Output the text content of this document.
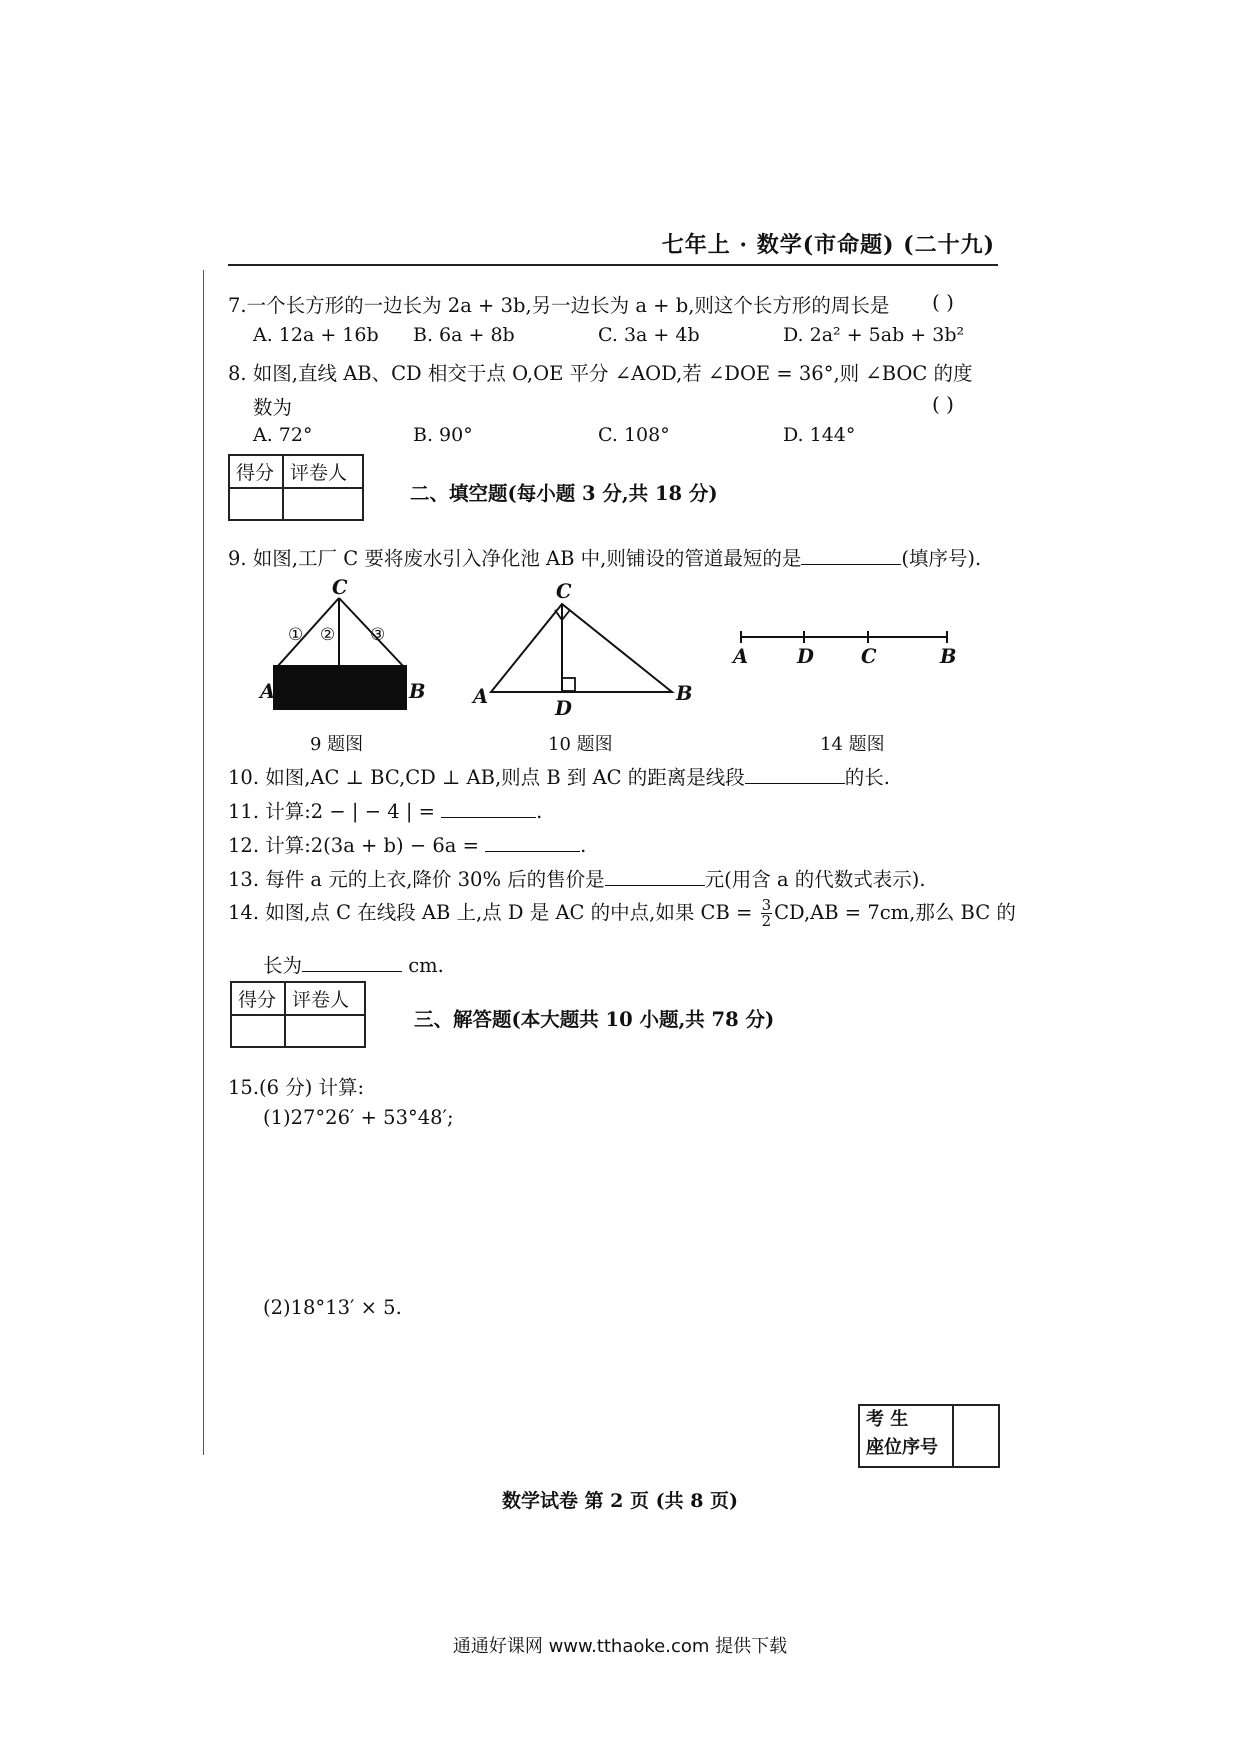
七年上 · 数学(市命题) (二十九)
7.一个长方形的一边长为 2a + 3b,另一边长为 a + b,则这个长方形的周长是 ( )
A. 12a + 16b B. 6a + 8b	C. 3a + 4b	D. 2a² + 5ab + 3b²
8. 如图,直线 AB、CD 相交于点 O,OE 平分 ∠AOD,若 ∠DOE = 36°,则 ∠BOC 的度
数为	( )
A. 72°	B. 90°	C. 108°	D. 144°
得分	评卷人

二、填空题(每小题 3 分,共 18 分)
9. 如图,工厂 C 要将废水引入净化池 AB 中,则铺设的管道最短的是	(填序号).
C
A	B
① ② ③
9 题图
C
A	B
D
10 题图
A	D C	B
14 题图
10. 如图,AC ⊥ BC,CD ⊥ AB,则点 B 到 AC 的距离是线段	的长.
11. 计算:2 − | − 4 | =	.
12. 计算:2(3a + b) − 6a =	.
13. 每件 a 元的上衣,降价 30% 后的售价是	元(用含 a 的代数式表示).
14. 如图,点 C 在线段 AB 上,点 D 是 AC 的中点,如果 CB = $\frac{3}{2} CD,AB = 7cm$,那么 BC 的
长为	cm.
得分	评卷人

三、解答题(本大题共 10 小题,共 78 分)
15.(6 分) 计算:
(1)27°26′ + 53°48′;
(2)18°13′ × 5.
考 生
座位序号
数学试卷 第 2 页 (共 8 页)
通通好课网 www.tthaoke.com 提供下载
